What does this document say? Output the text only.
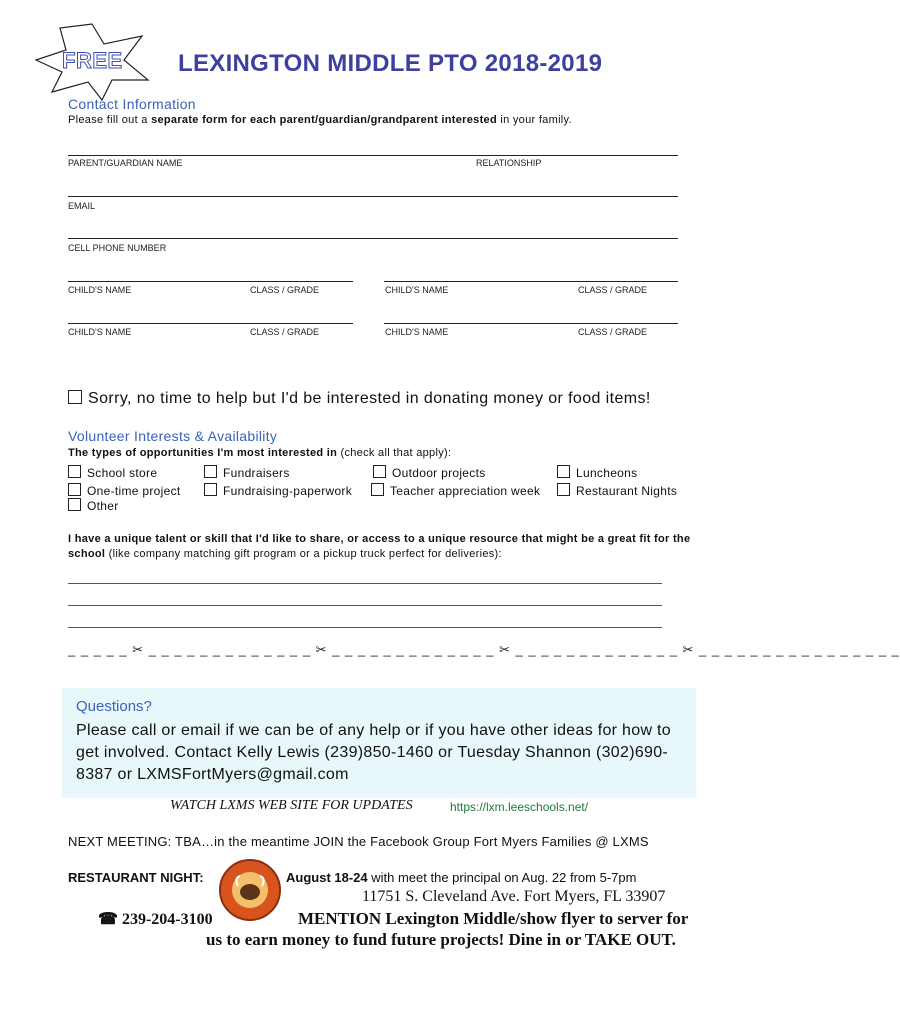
FREE LEXINGTON MIDDLE PTO 2018-2019
Contact Information
Please fill out a separate form for each parent/guardian/grandparent interested in your family.
PARENT/GUARDIAN NAME	RELATIONSHIP
EMAIL
CELL PHONE NUMBER
CHILD'S NAME	CLASS / GRADE	CHILD'S NAME	CLASS / GRADE
CHILD'S NAME	CLASS / GRADE	CHILD'S NAME	CLASS / GRADE
Sorry, no time to help but I'd be interested in donating money or food items!
Volunteer Interests & Availability
The types of opportunities I'm most interested in (check all that apply):
School store	Fundraisers	Outdoor projects	Luncheons
One-time project	Fundraising-paperwork	Teacher appreciation week	Restaurant Nights
Other
I have a unique talent or skill that I'd like to share, or access to a unique resource that might be a great fit for the school (like company matching gift program or a pickup truck perfect for deliveries):
_ _ _ _ _ ✂ _ _ _ _ _ _ _ _ _ _ _ _ _ ✂ _ _ _ _ _ _ _ _ _ _ _ _ _ ✂ _ _ _ _ _ _ _ _ _ _ _ _ _ ✂ _ _ _ _ _ _ _ _ _ _ _ _ _ _ _ _
Questions?
Please call or email if we can be of any help or if you have other ideas for how to get involved. Contact Kelly Lewis (239)850-1460 or Tuesday Shannon (302)690-8387 or LXMSFortMyers@gmail.com
WATCH LXMS WEB SITE FOR UPDATES	https://lxm.leeschools.net/
NEXT MEETING: TBA…in the meantime JOIN the Facebook Group Fort Myers Families @ LXMS
RESTAURANT NIGHT:	August 18-24 with meet the principal on Aug. 22 from 5-7pm
11751 S. Cleveland Ave. Fort Myers, FL 33907
☎ 239-204-3100	MENTION Lexington Middle/show flyer to server for
us to earn money to fund future projects! Dine in or TAKE OUT.
